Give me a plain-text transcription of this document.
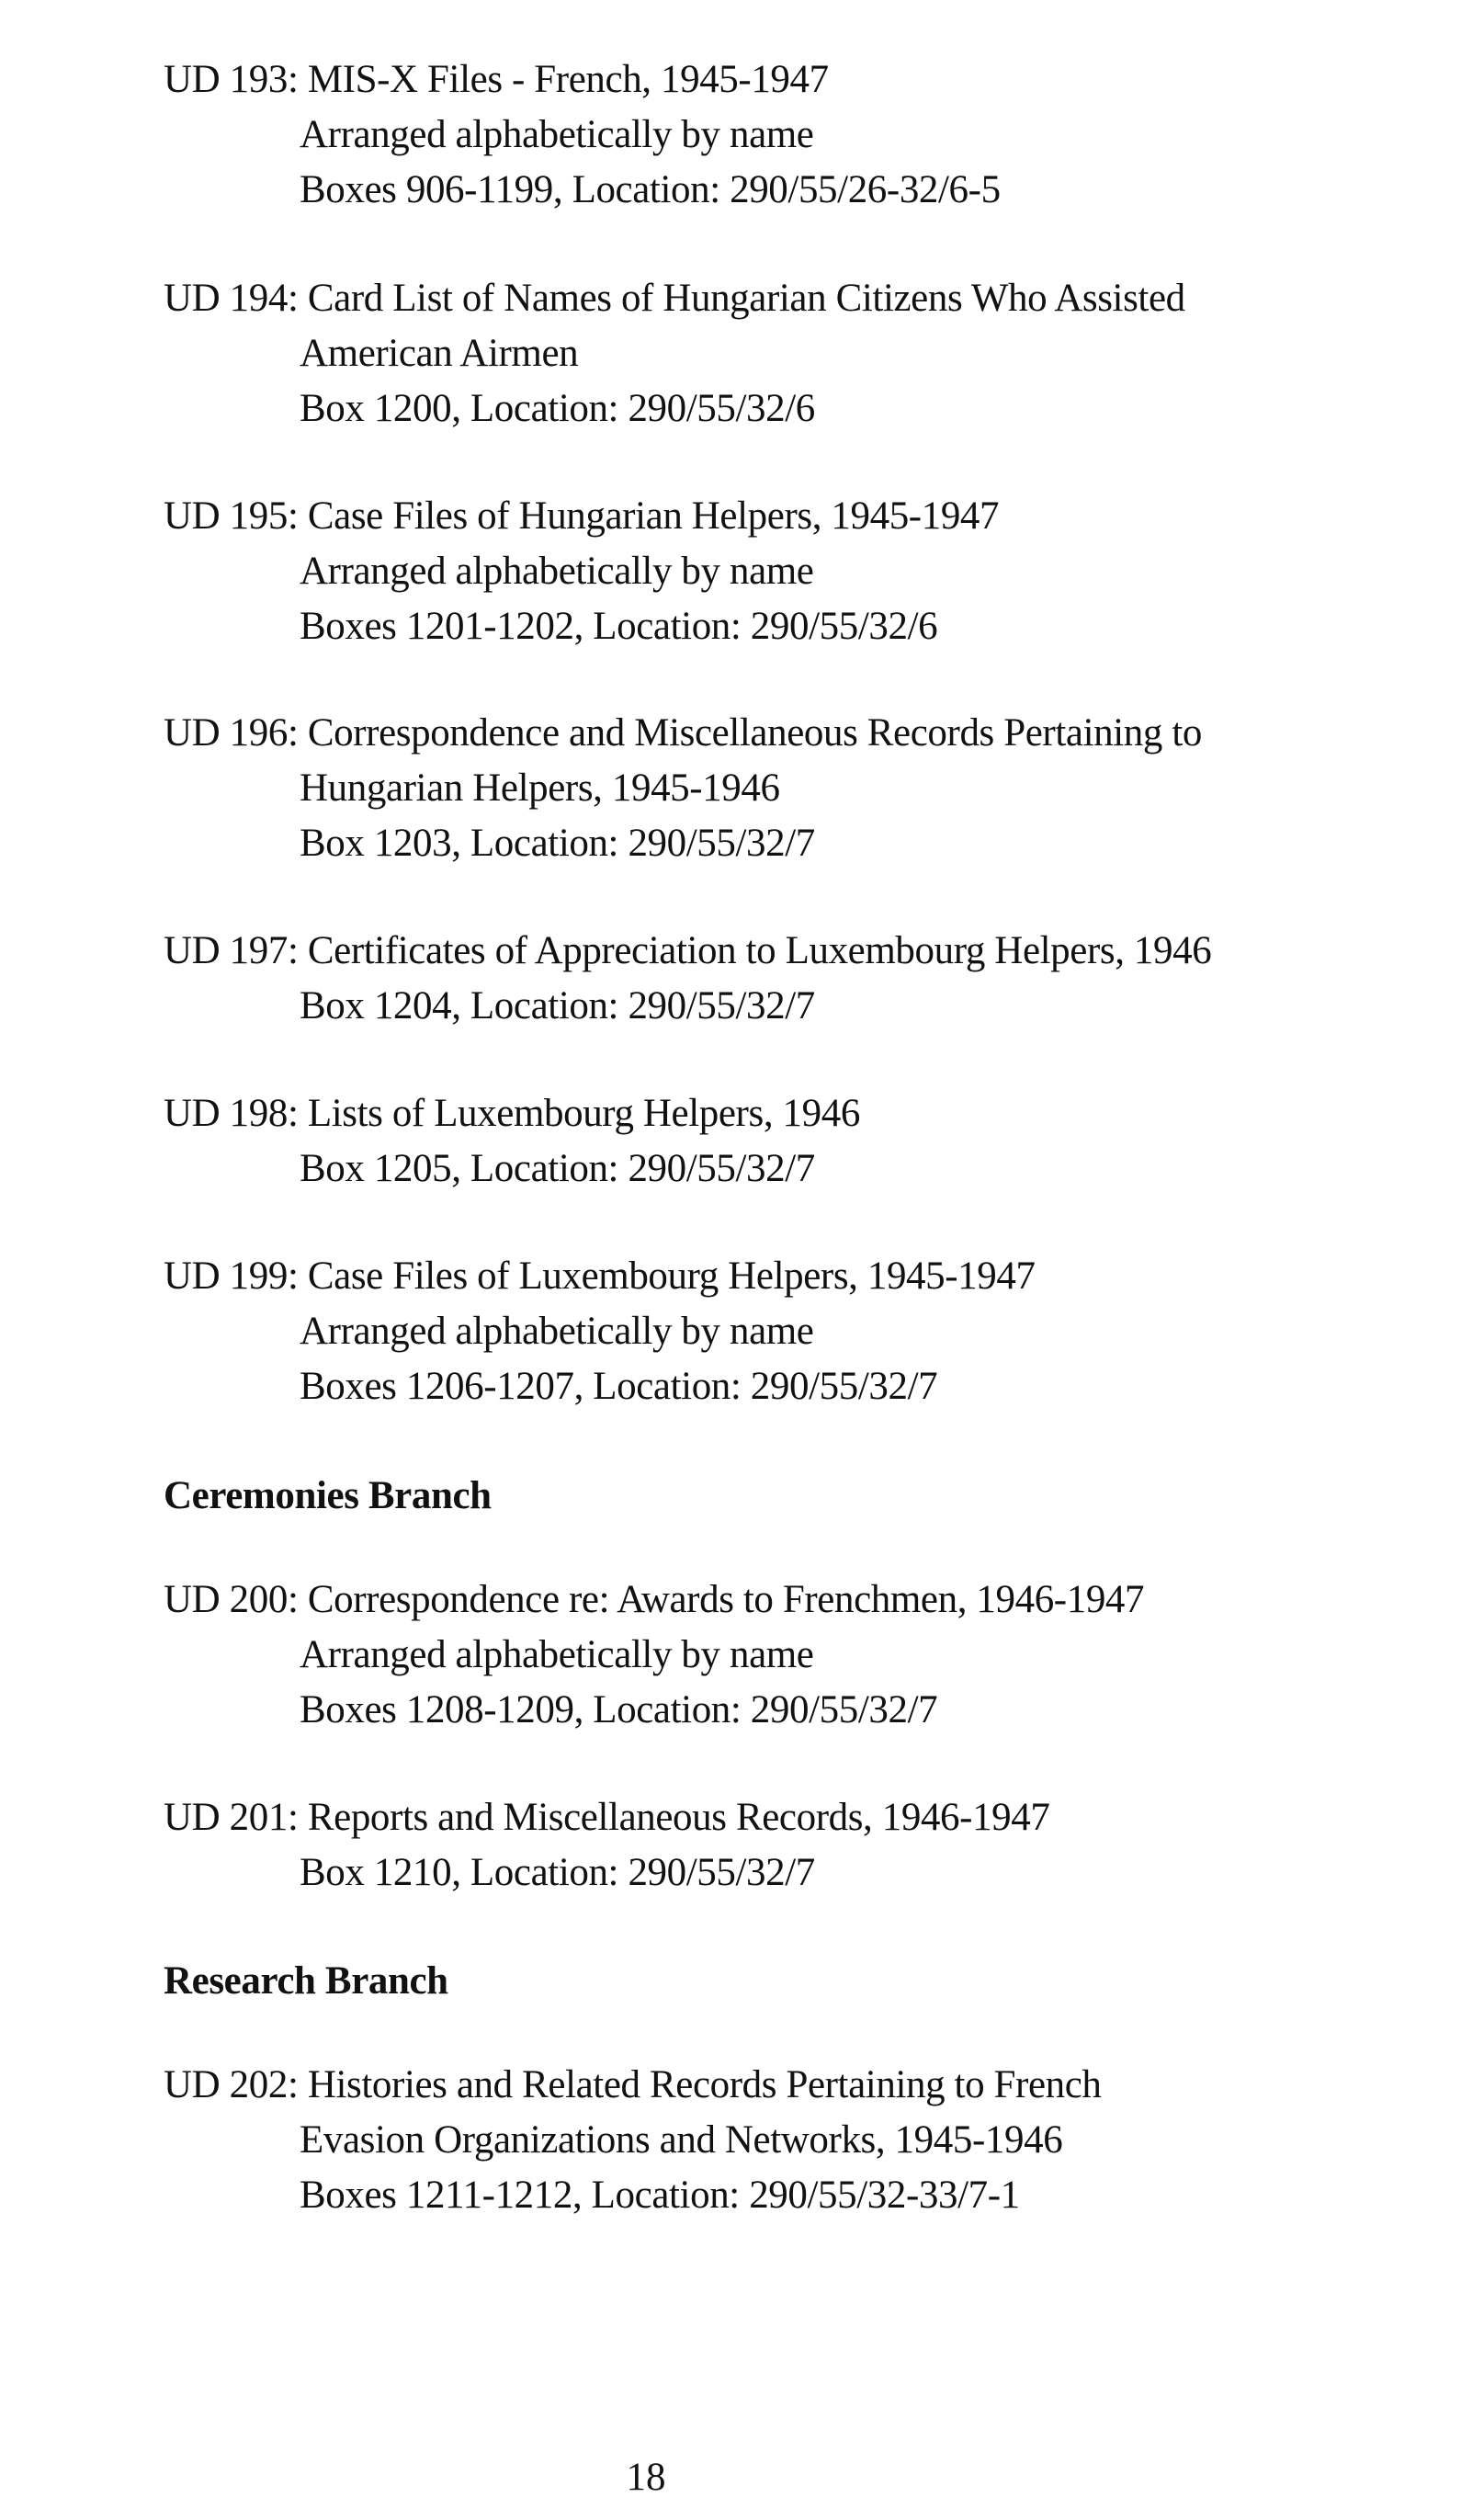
UD 193: MIS-X Files - French, 1945-1947
Arranged alphabetically by name
Boxes 906-1199, Location: 290/55/26-32/6-5
UD 194: Card List of Names of Hungarian Citizens Who Assisted
American Airmen
Box 1200, Location: 290/55/32/6
UD 195: Case Files of Hungarian Helpers, 1945-1947
Arranged alphabetically by name
Boxes 1201-1202, Location: 290/55/32/6
UD 196: Correspondence and Miscellaneous Records Pertaining to
Hungarian Helpers, 1945-1946
Box 1203, Location: 290/55/32/7
UD 197: Certificates of Appreciation to Luxembourg Helpers, 1946
Box 1204, Location: 290/55/32/7
UD 198: Lists of Luxembourg Helpers, 1946
Box 1205, Location: 290/55/32/7
UD 199: Case Files of Luxembourg Helpers, 1945-1947
Arranged alphabetically by name
Boxes 1206-1207, Location: 290/55/32/7
Ceremonies Branch
UD 200: Correspondence re: Awards to Frenchmen, 1946-1947
Arranged alphabetically by name
Boxes 1208-1209, Location: 290/55/32/7
UD 201: Reports and Miscellaneous Records, 1946-1947
Box 1210, Location: 290/55/32/7
Research Branch
UD 202: Histories and Related Records Pertaining to French
Evasion Organizations and Networks, 1945-1946
Boxes 1211-1212, Location: 290/55/32-33/7-1
18
